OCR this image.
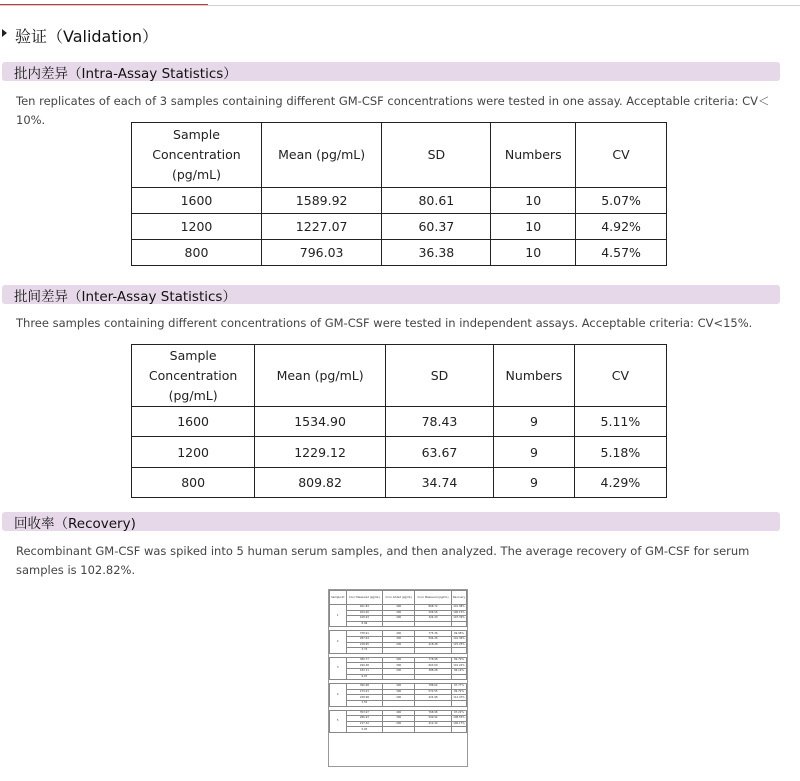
验证（Validation）
批内差异（Intra-Assay Statistics）
Ten replicates of each of 3 samples containing different GM-CSF concentrations were tested in one assay. Acceptable criteria: CV＜10%.
Sample Concentration (pg/mL)	Mean (pg/mL)	SD	Numbers	CV
1600	1589.92	80.61	10	5.07%
1200	1227.07	60.37	10	4.92%
800	796.03	36.38	10	4.57%
批间差异（Inter-Assay Statistics）
Three samples containing different concentrations of GM-CSF were tested in independent assays. Acceptable criteria: CV<15%.
Sample Concentration (pg/mL)	Mean (pg/mL)	SD	Numbers	CV
1600	1534.90	78.43	9	5.11%
1200	1229.12	63.67	9	5.18%
800	809.82	34.74	9	4.29%
回收率（Recovery)
Recombinant GM-CSF was spiked into 5 human serum samples, and then analyzed. The average recovery of GM-CSF for serum samples is 102.82%.
Sample ID	Conc Measured (pg/mL)	Conc Added (pg/mL)	Conc Measured (pg/mL)	Recovery
1	401.83	400	808.72	101.98%
	204.26	300	506.56	100.15%
	108.93	200	324.29	107.39%
	8.96			

2	378.91	400	775.36	99.98%
	287.64	300	594.26	101.36%
	218.95	200	418.48	107.25%
	3.74			

3	380.77	400	778.98	99.79%
	299.48	300	603.60	101.22%
	183.11	200	388.28	96.19%
	9.07			

4	390.98	400	788.64	97.77%
	274.23	300	572.55	99.72%
	228.98	200	424.98	112.47%
	2.55			

5	353.97	400	768.98	97.22%
	286.93	300	599.94	108.55%
	217.32	200	412.34	100.17%
	5.05			
